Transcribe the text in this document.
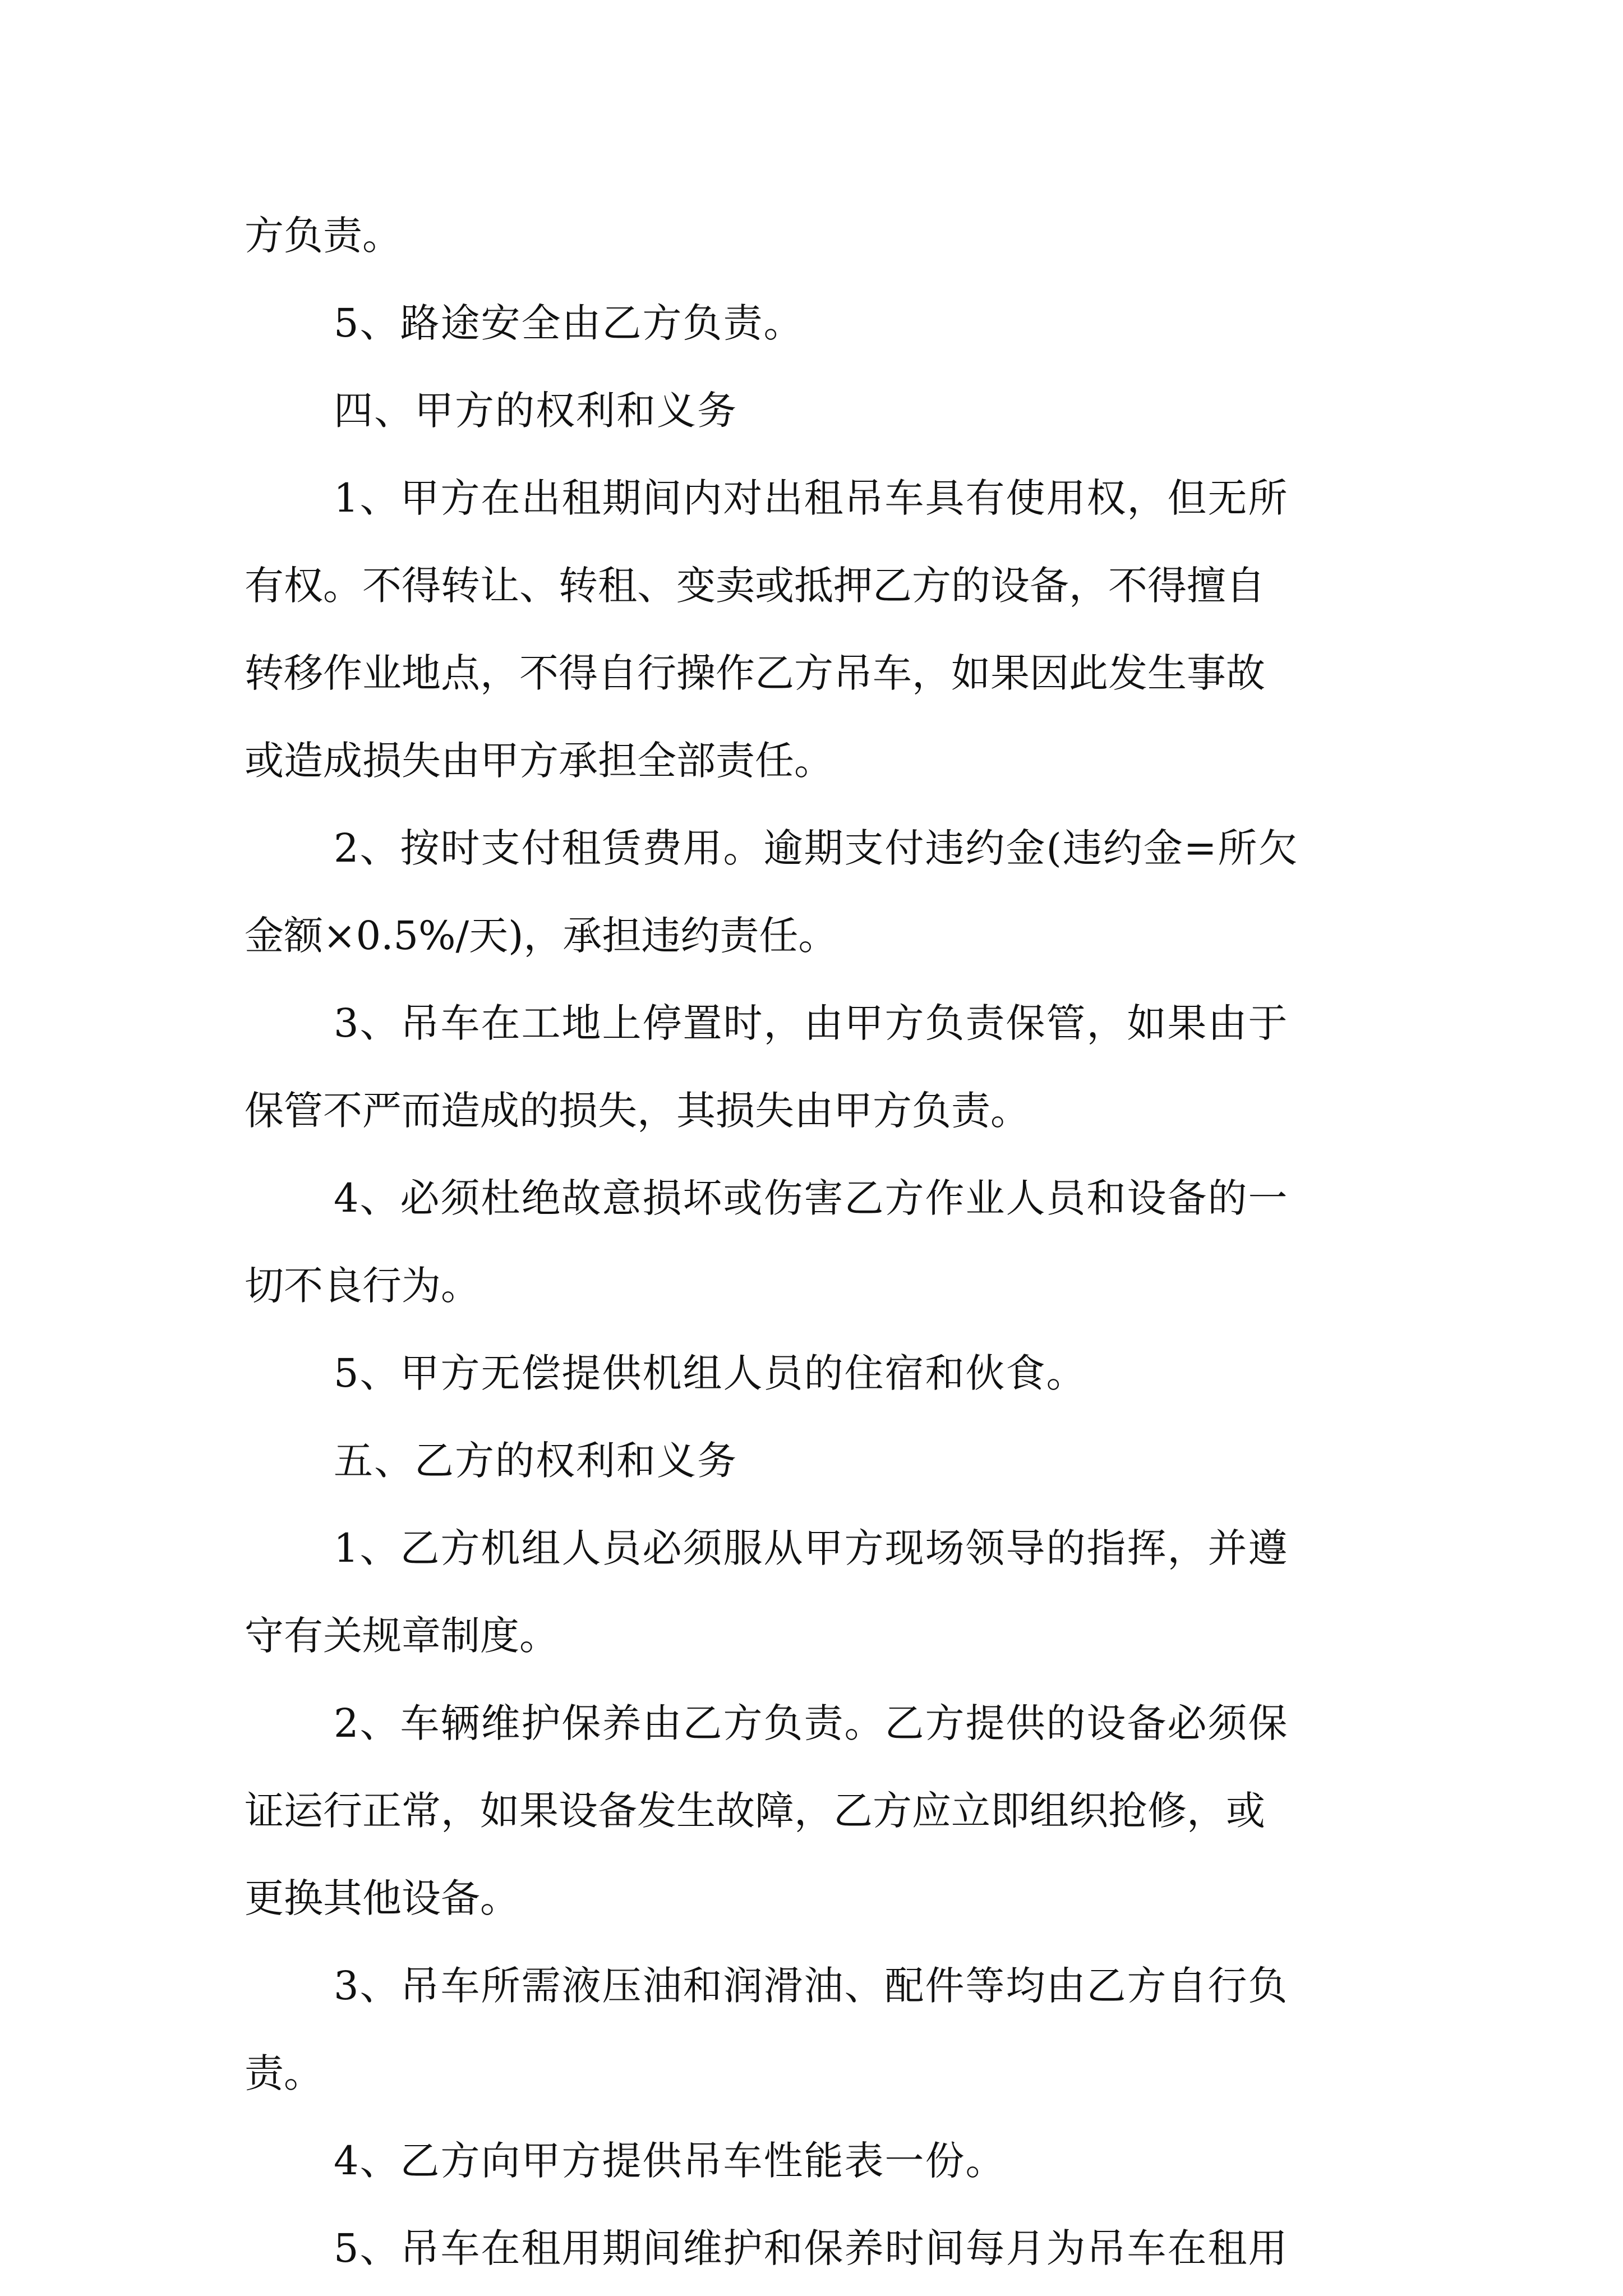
方负责。
5、路途安全由乙方负责。
四、甲方的权利和义务
1、甲方在出租期间内对出租吊车具有使用权，但无所
有权。不得转让、转租、变卖或抵押乙方的设备，不得擅自
转移作业地点，不得自行操作乙方吊车，如果因此发生事故
或造成损失由甲方承担全部责任。
2、按时支付租赁费用。逾期支付违约金(违约金=所欠
金额×0.5%/天)，承担违约责任。
3、吊车在工地上停置时，由甲方负责保管，如果由于
保管不严而造成的损失，其损失由甲方负责。
4、必须杜绝故意损坏或伤害乙方作业人员和设备的一
切不良行为。
5、甲方无偿提供机组人员的住宿和伙食。
五、乙方的权利和义务
1、乙方机组人员必须服从甲方现场领导的指挥，并遵
守有关规章制度。
2、车辆维护保养由乙方负责。乙方提供的设备必须保
证运行正常，如果设备发生故障，乙方应立即组织抢修，或
更换其他设备。
3、吊车所需液压油和润滑油、配件等均由乙方自行负
责。
4、乙方向甲方提供吊车性能表一份。
5、吊车在租用期间维护和保养时间每月为吊车在租用
